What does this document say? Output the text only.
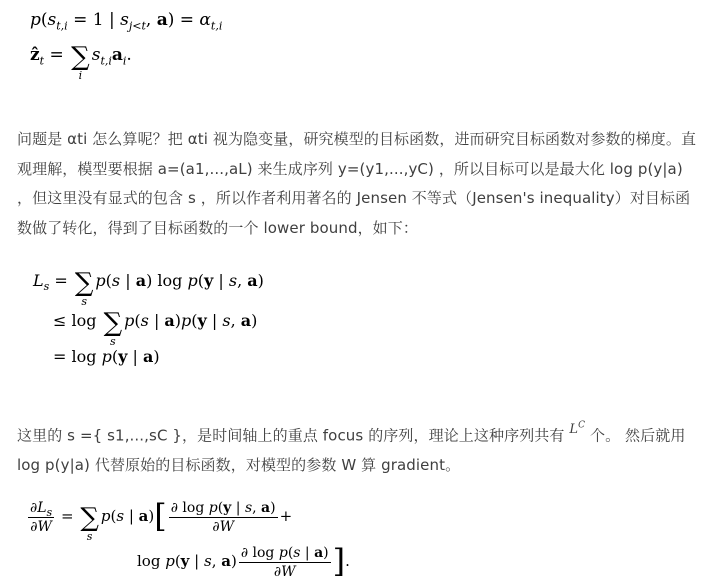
$p(s_{t,i} = 1$ | $s_{j<t}$, $a) = \alpha_{t,i}$
ẑ$_t$ = ∑
i
$s_{t,i}a_i$.
问题是 αti 怎么算呢？把 αti 视为隐变量，研究模型的目标函数，进而研究目标函数对参数的梯度。直观理解，模型要根据 a=(a1,...,aL) 来生成序列 y=(y1,...,yC) ，所以目标可以是最大化 log p(y|a) ，但这里没有显式的包含 s ，所以作者利用著名的 Jensen 不等式（Jensen's inequality）对目标函数做了转化，得到了目标函数的一个 lower bound，如下：
$L_s$ = ∑
s
p(s | a) log p(y | s, a)
≤ log ∑
s
p(s | a)p(y | s, a)
= log p(y | a)
这里的 s ={ s1,...,sC }，是时间轴上的重点 focus 的序列，理论上这种序列共有 $L^C$ 个。 然后就用 log p(y|a) 代替原始的目标函数，对模型的参数 W 算 gradient。
$\frac{\partial L_s}{\partial W}$ = ∑
s
p(s | $a)[ \frac{\text{∂ log p(y | s, a)}}{\partial W}$ +
log p(y | s, $a) \frac{\text{∂ log p(s | a)}}{\partial W}$ ].
